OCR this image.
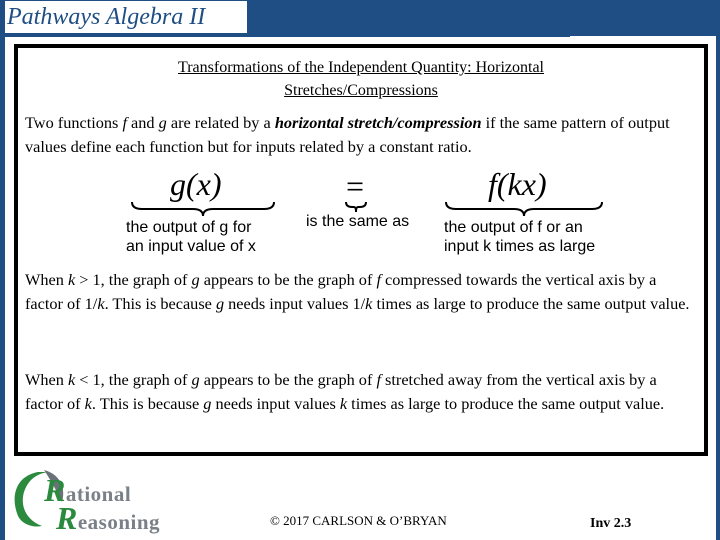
Pathways Algebra II
Transformations of the Independent Quantity: Horizontal
Stretches/Compressions
Two functions f and g are related by a horizontal stretch/compression if the same pattern of output values define each function but for inputs related by a constant ratio.
g(x)
the output of g for
an input value of x
=
is the same as
f(kx)
the output of f or an
input k times as large
When k > 1, the graph of g appears to be the graph of f compressed towards the vertical axis by a factor of 1/k. This is because g needs input values 1/k times as large to produce the same output value.
When k < 1, the graph of g appears to be the graph of f stretched away from the vertical axis by a factor of k. This is because g needs input values k times as large to produce the same output value.
Rational
Reasoning	© 2017 CARLSON & O’BRYAN	Inv 2.3	97
